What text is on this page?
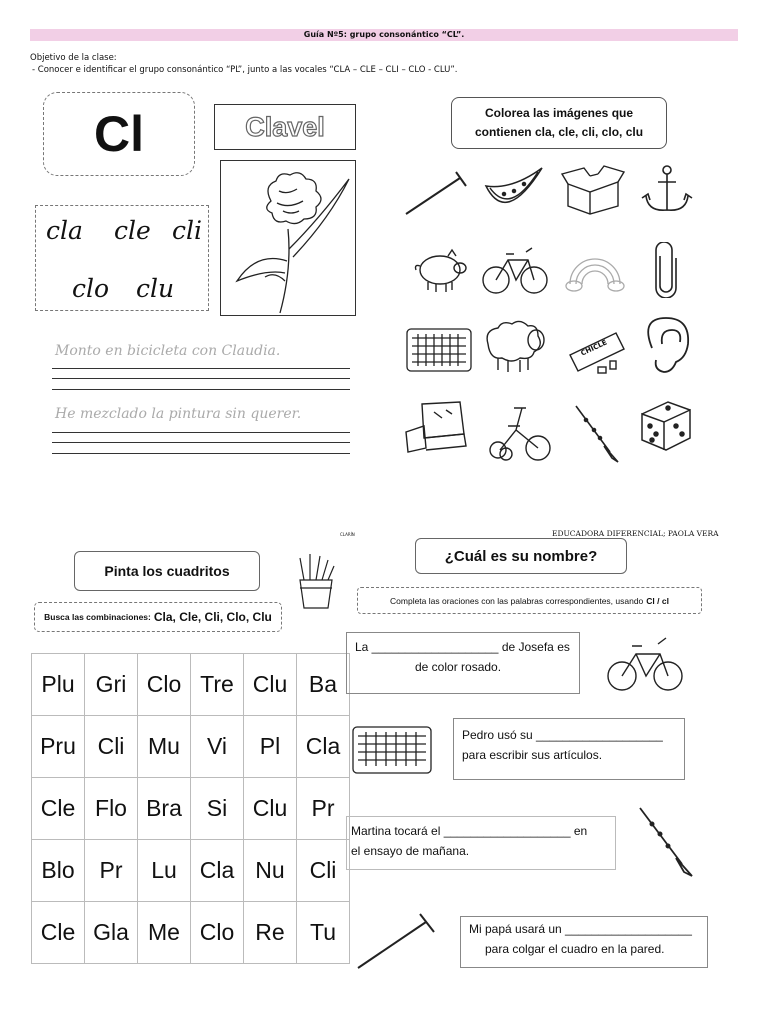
Guía Nº5: grupo consonántico “CL”.
Objetivo de la clase:
- Conocer e identificar el grupo consonántico “PL”, junto a las vocales “CLA – CLE – CLI – CLO - CLU”.
Cl	Clavel
cla cle cli
clo clu
Monto en bicicleta con Claudia.
He mezclado la pintura sin querer.
Colorea las imágenes que
contienen cla, cle, cli, clo, clu
CHICLE
Pinta los cuadritos
Busca las combinaciones: Cla, Cle, Cli, Clo, Clu
Plu	Gri	Clo	Tre	Clu	Ba
Pru	Cli	Mu	Vi	Pl	Cla
Cle	Flo	Bra	Si	Clu	Pr
Blo	Pr	Lu	Cla	Nu	Cli
Cle	Gla	Me	Clo	Re	Tu
CLARÍN	EDUCADORA DIFERENCIAL; PAOLA VERA
¿Cuál es su nombre?
Completa las oraciones con las palabras correspondientes, usando Cl / cl
La ___________________ de Josefa es
de color rosado.
Pedro usó su ___________________
para escribir sus artículos.
Martina tocará el ___________________ en
el ensayo de mañana.
Mi papá usará un ___________________
para colgar el cuadro en la pared.
